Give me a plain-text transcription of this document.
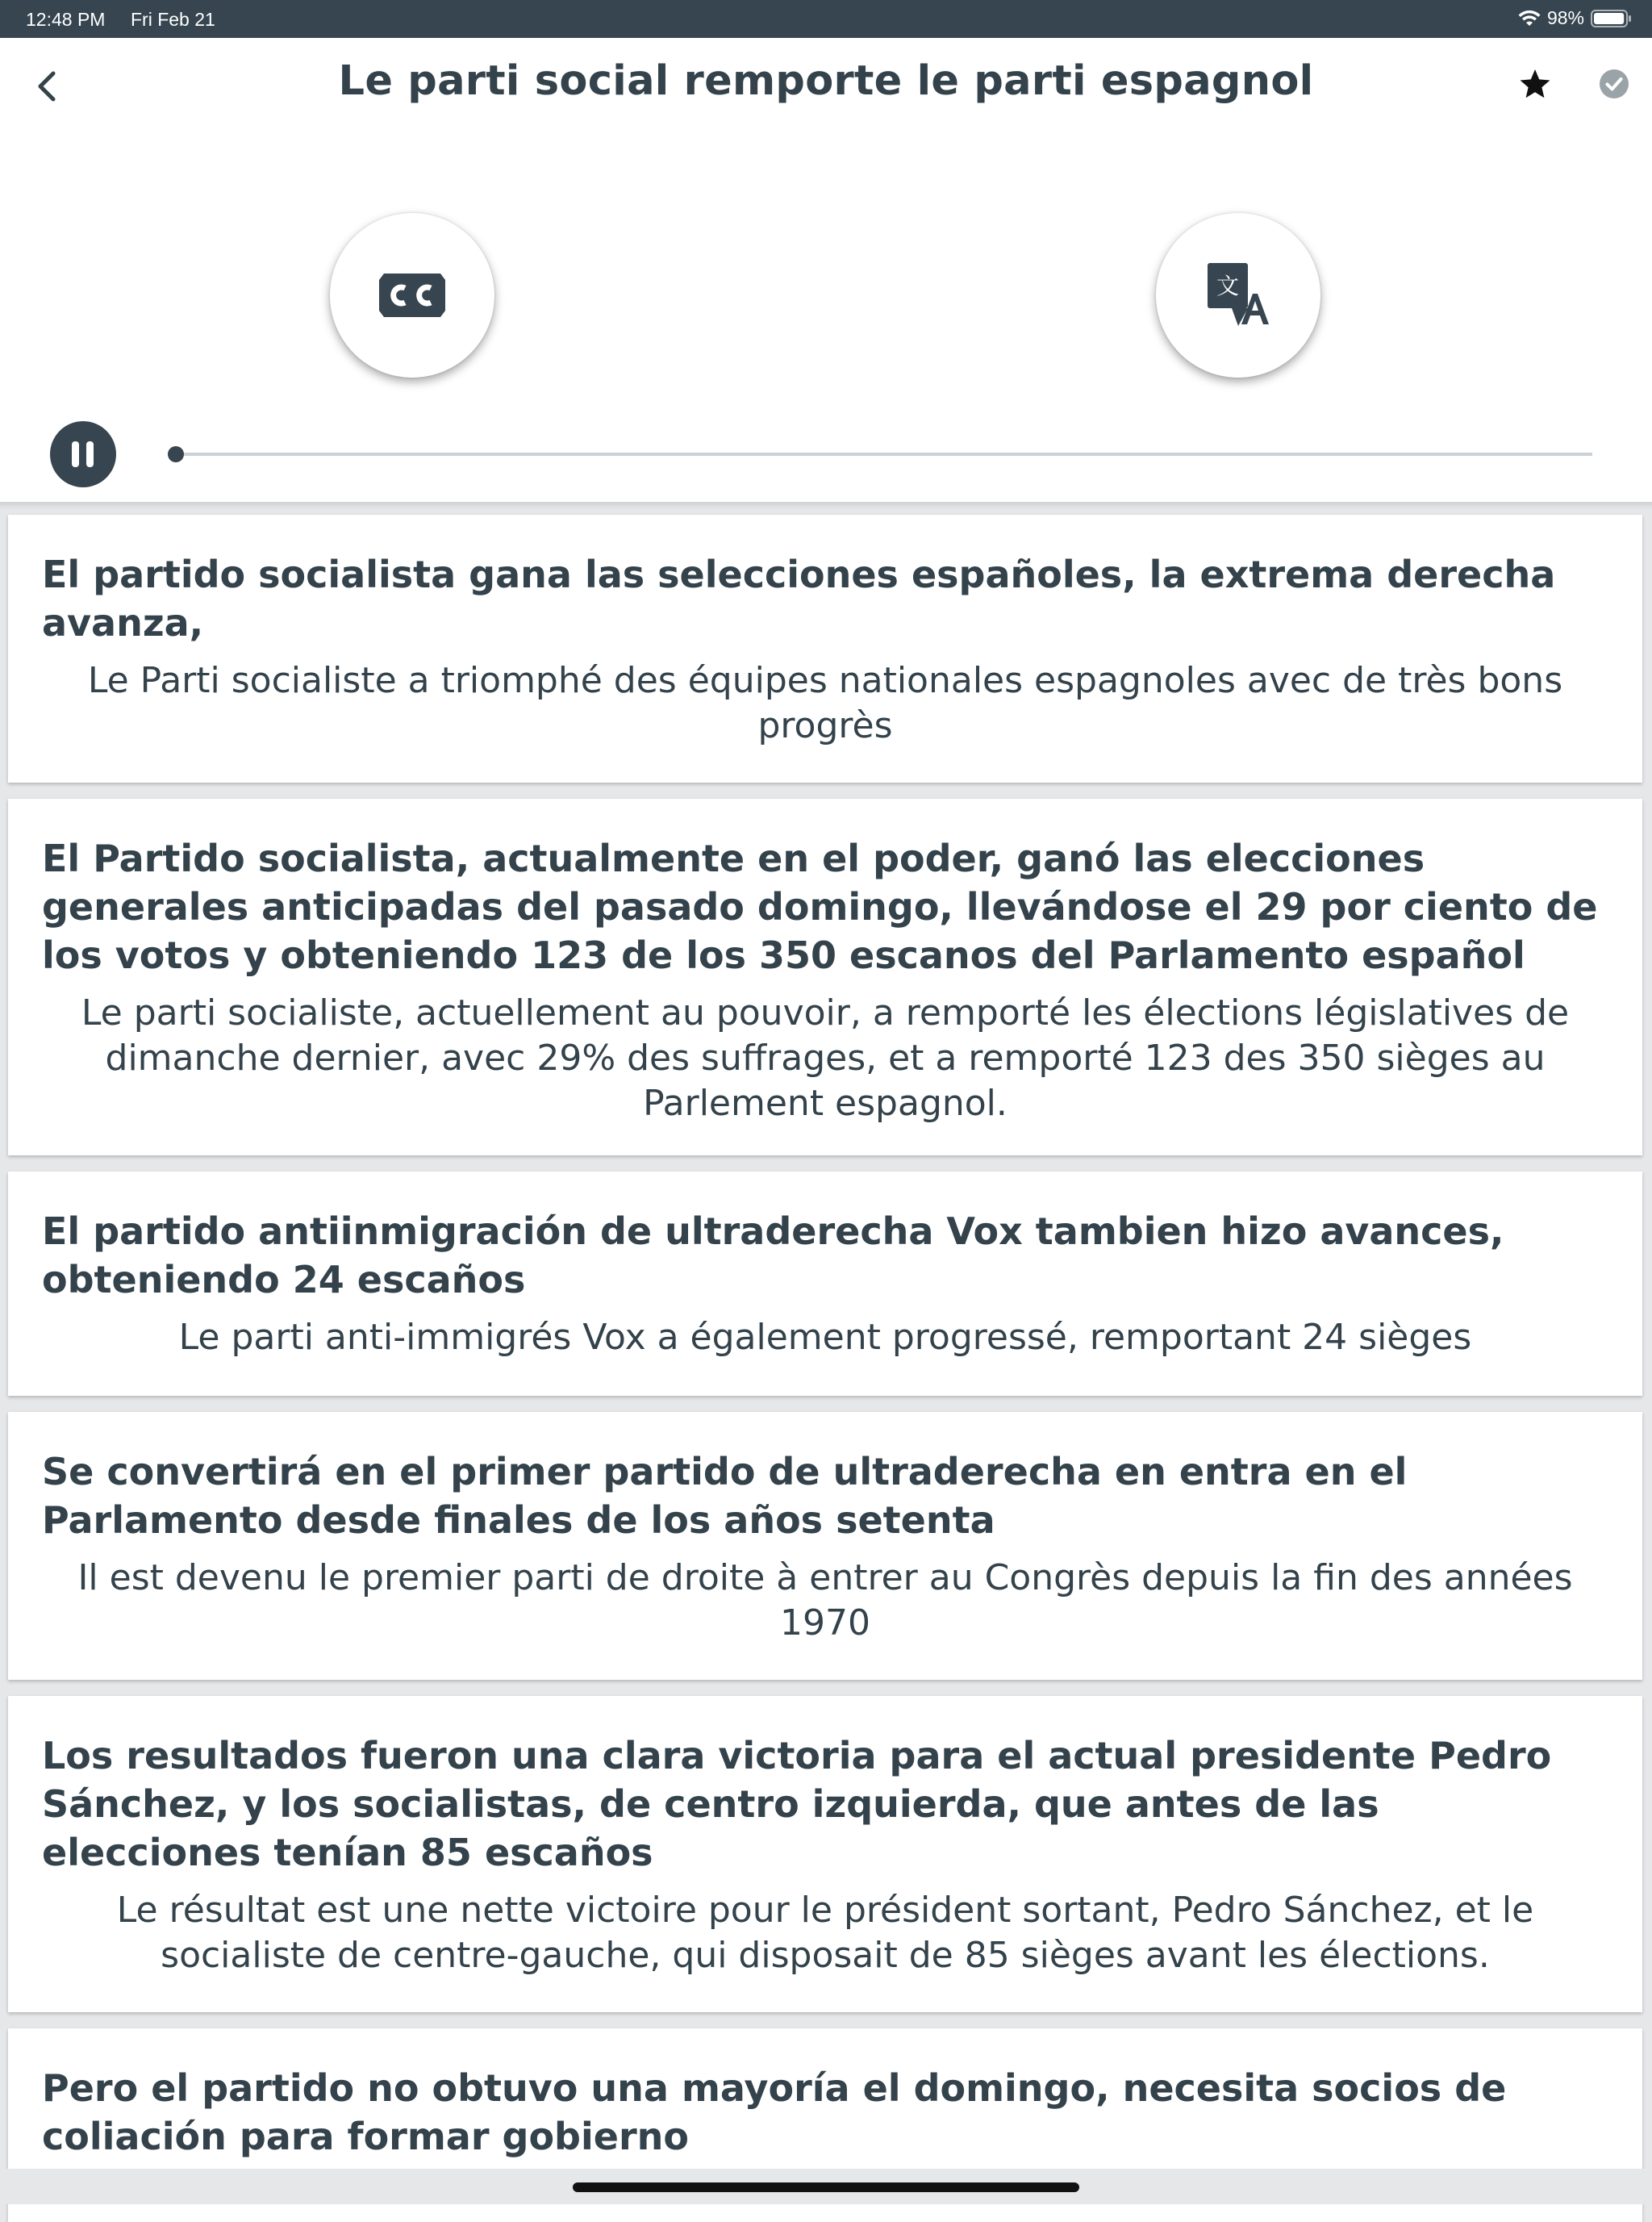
12:48 PM Fri Feb 21	98%
Le parti social remporte le parti espagnol
文

El partido socialista gana las selecciones españoles, la extrema derecha avanza,

Le Parti socialiste a triomphé des équipes nationales espagnoles avec de très bons progrès

El Partido socialista, actualmente en el poder, ganó las elecciones generales anticipadas del pasado domingo, llevándose el 29 por ciento de los votos y obteniendo 123 de los 350 escanos del Parlamento español

Le parti socialiste, actuellement au pouvoir, a remporté les élections législatives de dimanche dernier, avec 29% des suffrages, et a remporté 123 des 350 sièges au Parlement espagnol.

El partido antiinmigración de ultraderecha Vox tambien hizo avances, obteniendo 24 escaños

Le parti anti-immigrés Vox a également progressé, remportant 24 sièges

Se convertirá en el primer partido de ultraderecha en entra en el Parlamento desde finales de los años setenta

Il est devenu le premier parti de droite à entrer au Congrès depuis la fin des années 1970

Los resultados fueron una clara victoria para el actual presidente Pedro Sánchez, y los socialistas, de centro izquierda, que antes de las elecciones tenían 85 escaños

Le résultat est une nette victoire pour le président sortant, Pedro Sánchez, et le socialiste de centre-gauche, qui disposait de 85 sièges avant les élections.

Pero el partido no obtuvo una mayoría el domingo, necesita socios de coliación para formar gobierno
